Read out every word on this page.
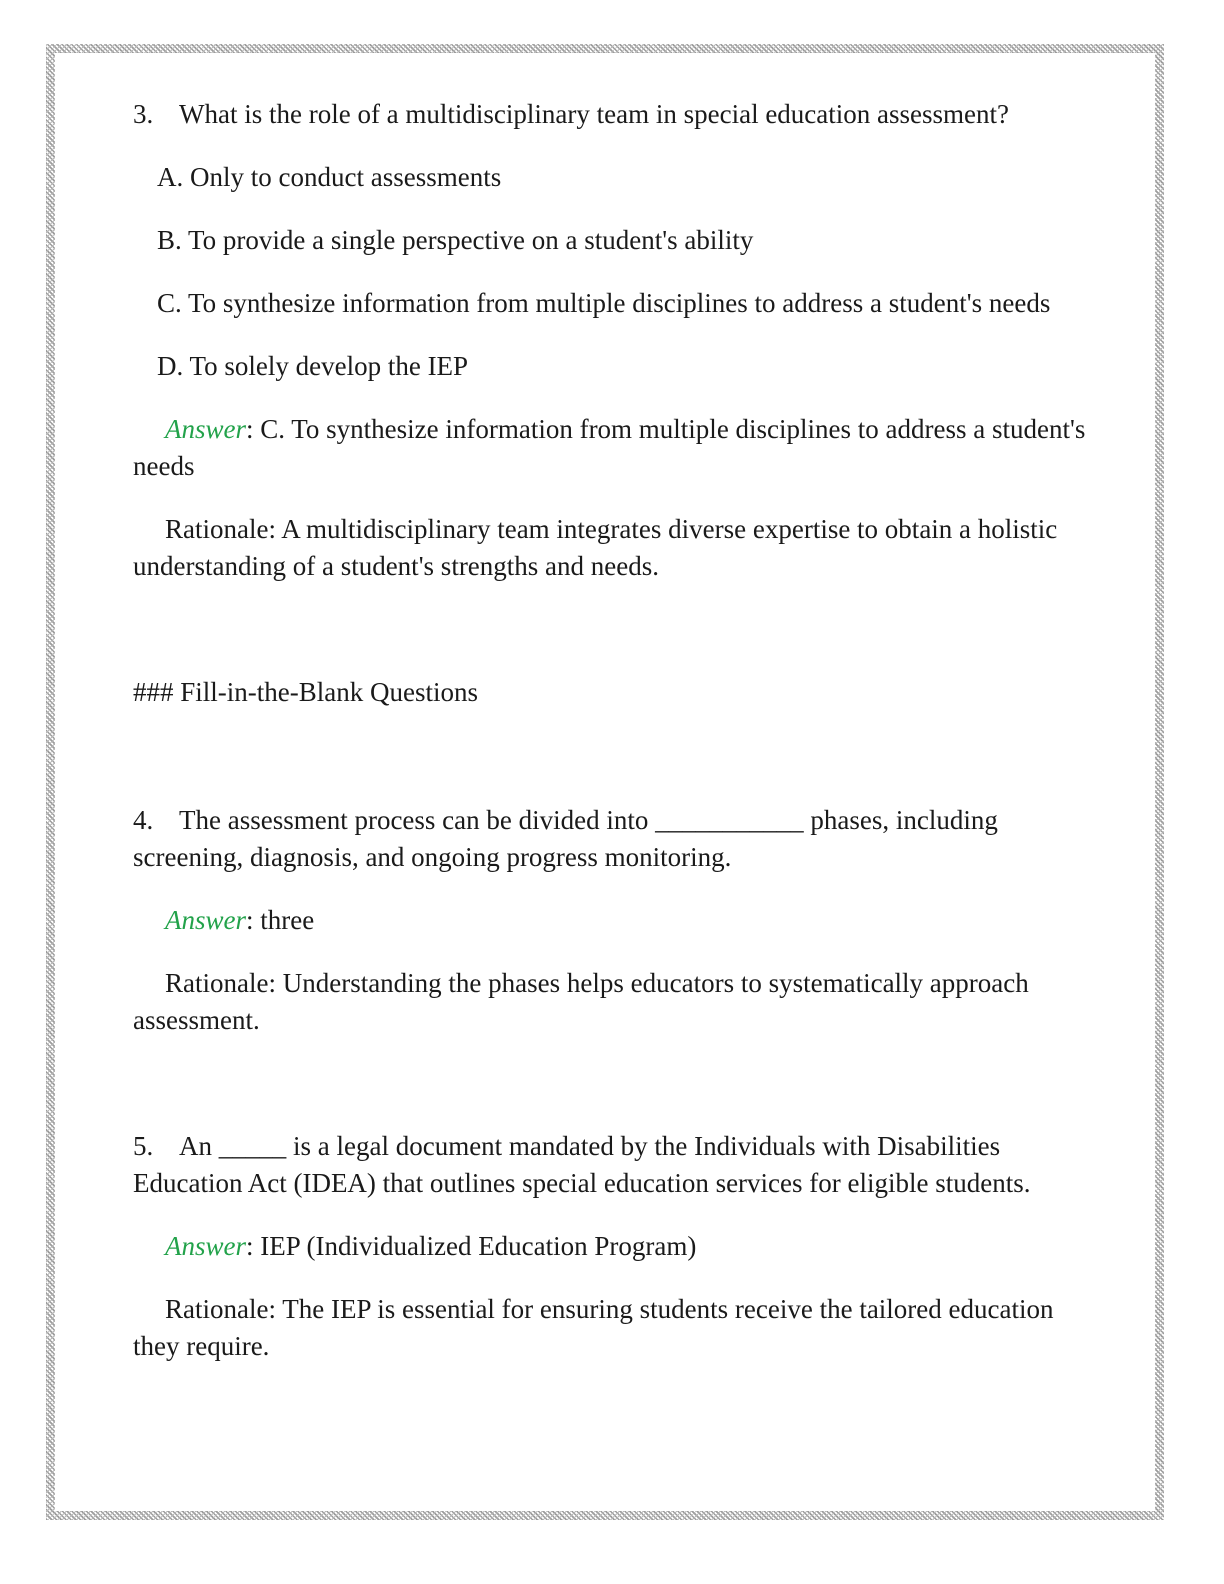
3. What is the role of a multidisciplinary team in special education assessment?

A. Only to conduct assessments

B. To provide a single perspective on a student's ability

C. To synthesize information from multiple disciplines to address a student's needs

D. To solely develop the IEP

Answer: C. To synthesize information from multiple disciplines to address a student's needs

Rationale: A multidisciplinary team integrates diverse expertise to obtain a holistic understanding of a student's strengths and needs.

### Fill-in-the-Blank Questions

4. The assessment process can be divided into ___________ phases, including screening, diagnosis, and ongoing progress monitoring.

Answer: three

Rationale: Understanding the phases helps educators to systematically approach assessment.

5. An _____ is a legal document mandated by the Individuals with Disabilities Education Act (IDEA) that outlines special education services for eligible students.

Answer: IEP (Individualized Education Program)

Rationale: The IEP is essential for ensuring students receive the tailored education they require.
